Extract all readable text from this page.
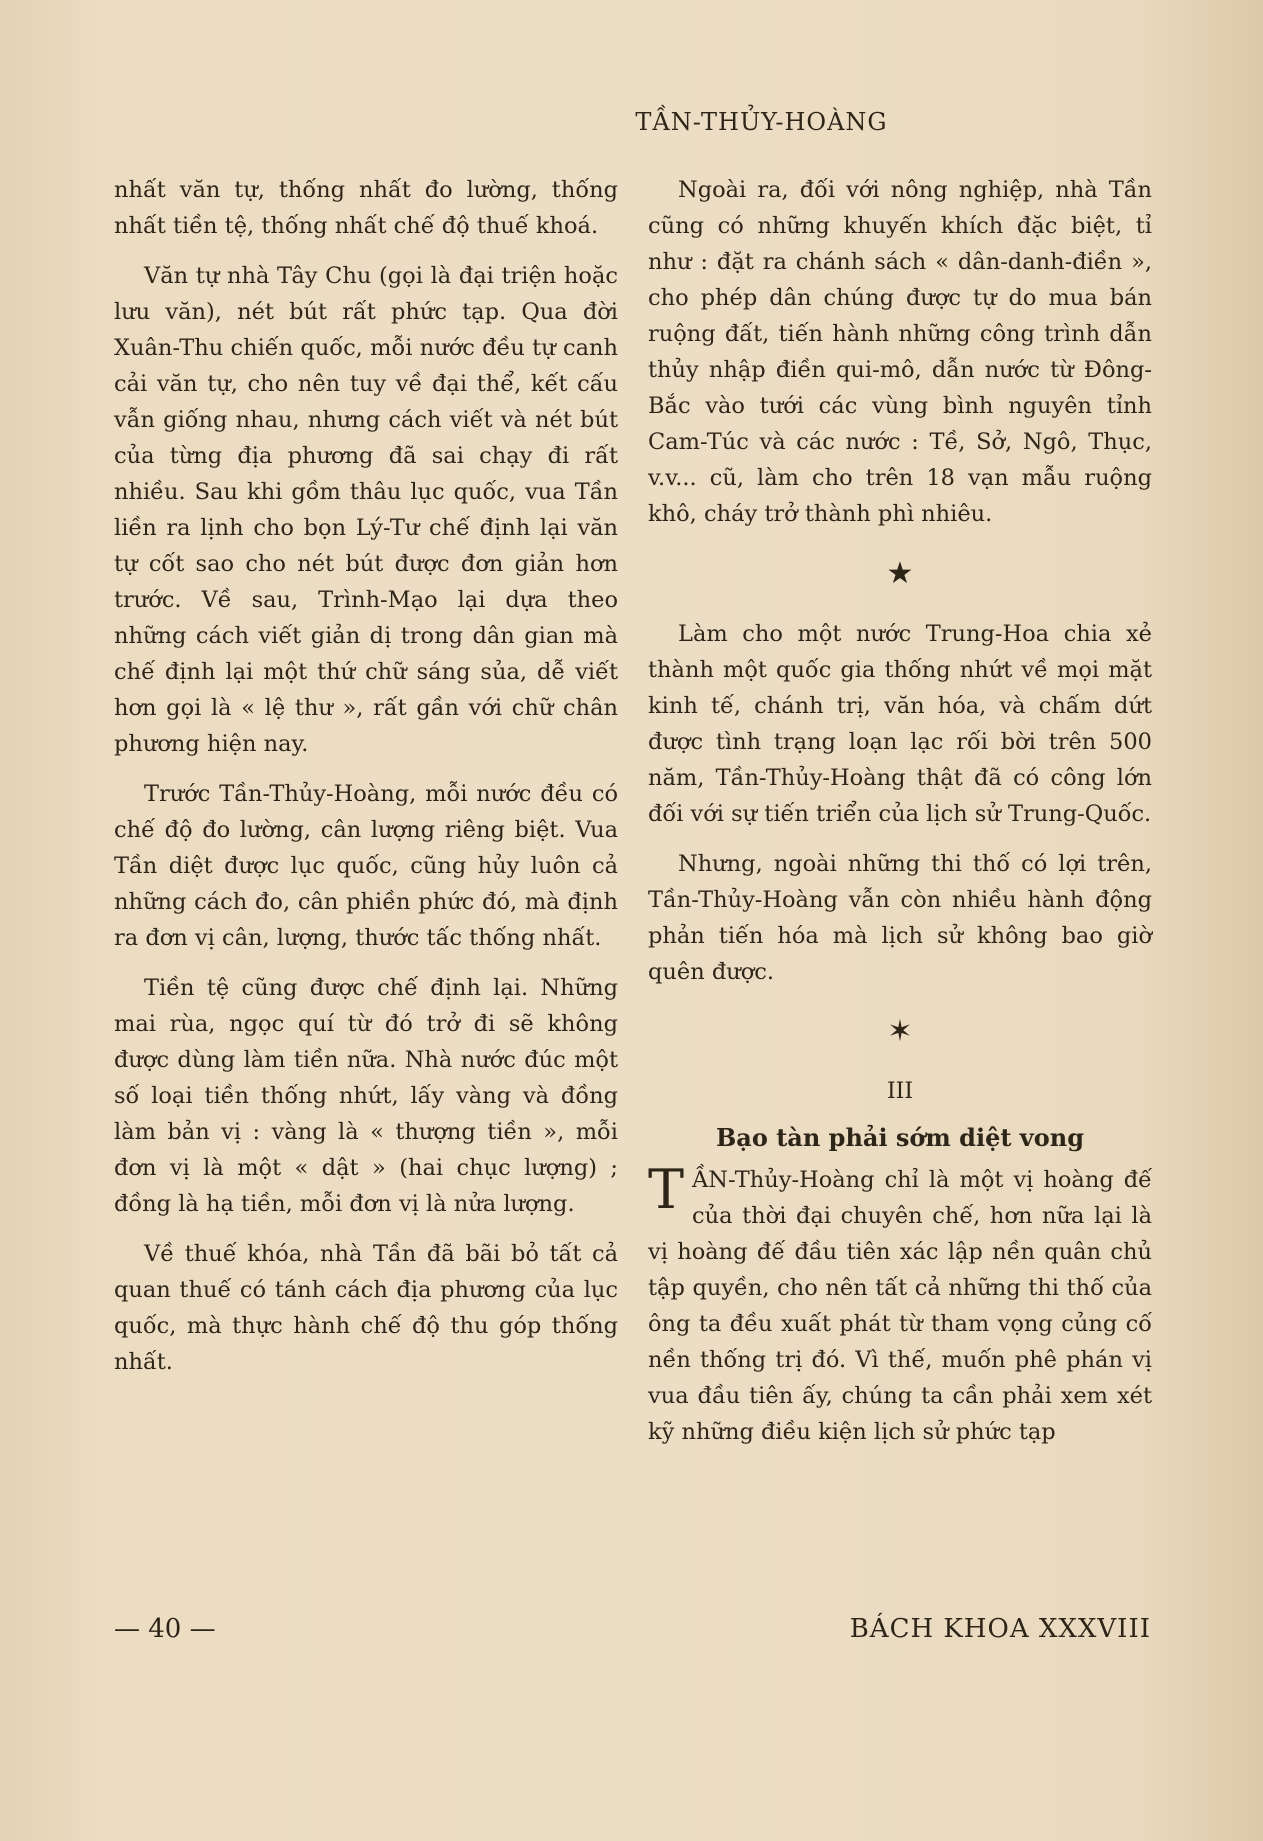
TẦN-THỦY-HOÀNG

nhất văn tự, thống nhất đo lường, thống nhất tiền tệ, thống nhất chế độ thuế khoá.

Văn tự nhà Tây Chu (gọi là đại triện hoặc lưu văn), nét bút rất phức tạp. Qua đời Xuân-Thu chiến quốc, mỗi nước đều tự canh cải văn tự, cho nên tuy về đại thể, kết cấu vẫn giống nhau, nhưng cách viết và nét bút của từng địa phương đã sai chạy đi rất nhiều. Sau khi gồm thâu lục quốc, vua Tần liền ra lịnh cho bọn Lý-Tư chế định lại văn tự cốt sao cho nét bút được đơn giản hơn trước. Về sau, Trình-Mạo lại dựa theo những cách viết giản dị trong dân gian mà chế định lại một thứ chữ sáng sủa, dễ viết hơn gọi là « lệ thư », rất gần với chữ chân phương hiện nay.

Trước Tần-Thủy-Hoàng, mỗi nước đều có chế độ đo lường, cân lượng riêng biệt. Vua Tần diệt được lục quốc, cũng hủy luôn cả những cách đo, cân phiền phức đó, mà định ra đơn vị cân, lượng, thước tấc thống nhất.

Tiền tệ cũng được chế định lại. Những mai rùa, ngọc quí từ đó trở đi sẽ không được dùng làm tiền nữa. Nhà nước đúc một số loại tiền thống nhứt, lấy vàng và đồng làm bản vị : vàng là « thượng tiền », mỗi đơn vị là một « dật » (hai chục lượng) ; đồng là hạ tiền, mỗi đơn vị là nửa lượng.

Về thuế khóa, nhà Tần đã bãi bỏ tất cả quan thuế có tánh cách địa phương của lục quốc, mà thực hành chế độ thu góp thống nhất.

Ngoài ra, đối với nông nghiệp, nhà Tần cũng có những khuyến khích đặc biệt, tỉ như : đặt ra chánh sách « dân-danh-điền », cho phép dân chúng được tự do mua bán ruộng đất, tiến hành những công trình dẫn thủy nhập điền qui-mô, dẫn nước từ Đông-Bắc vào tưới các vùng bình nguyên tỉnh Cam-Túc và các nước : Tề, Sở, Ngô, Thục, v.v... cũ, làm cho trên 18 vạn mẫu ruộng khô, cháy trở thành phì nhiêu.

★

Làm cho một nước Trung-Hoa chia xẻ thành một quốc gia thống nhứt về mọi mặt kinh tế, chánh trị, văn hóa, và chấm dứt được tình trạng loạn lạc rối bời trên 500 năm, Tần-Thủy-Hoàng thật đã có công lớn đối với sự tiến triển của lịch sử Trung-Quốc.

Nhưng, ngoài những thi thố có lợi trên, Tần-Thủy-Hoàng vẫn còn nhiều hành động phản tiến hóa mà lịch sử không bao giờ quên được.

✶
III
Bạo tàn phải sớm diệt vong

TẦN-Thủy-Hoàng chỉ là một vị hoàng đế của thời đại chuyên chế, hơn nữa lại là vị hoàng đế đầu tiên xác lập nền quân chủ tập quyền, cho nên tất cả những thi thố của ông ta đều xuất phát từ tham vọng củng cố nền thống trị đó. Vì thế, muốn phê phán vị vua đầu tiên ấy, chúng ta cần phải xem xét kỹ những điều kiện lịch sử phức tạp

— 40 —	BÁCH KHOA XXXVIII
